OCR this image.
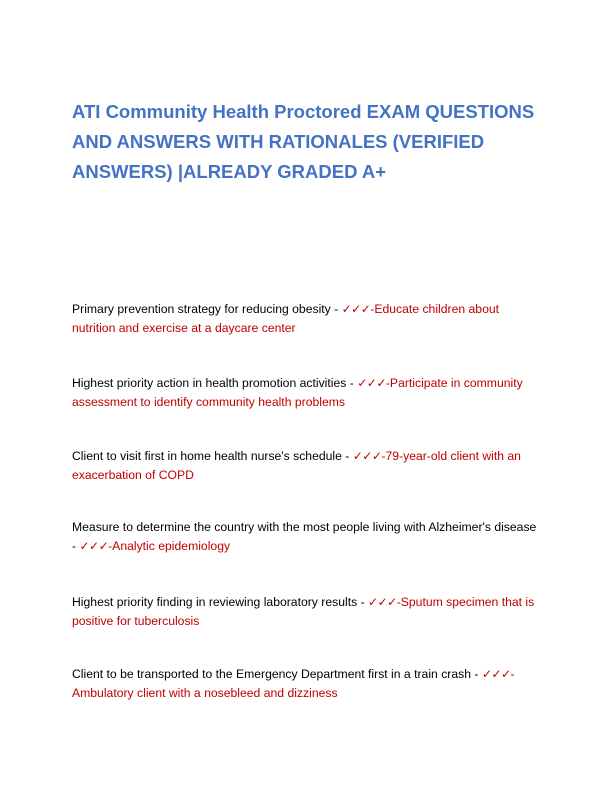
ATI Community Health Proctored EXAM QUESTIONS AND ANSWERS WITH RATIONALES (VERIFIED ANSWERS) |ALREADY GRADED A+

Primary prevention strategy for reducing obesity - ✓✓✓-Educate children about nutrition and exercise at a daycare center

Highest priority action in health promotion activities - ✓✓✓-Participate in community assessment to identify community health problems

Client to visit first in home health nurse's schedule - ✓✓✓-79-year-old client with an exacerbation of COPD

Measure to determine the country with the most people living with Alzheimer's disease - ✓✓✓-Analytic epidemiology

Highest priority finding in reviewing laboratory results - ✓✓✓-Sputum specimen that is positive for tuberculosis

Client to be transported to the Emergency Department first in a train crash - ✓✓✓-Ambulatory client with a nosebleed and dizziness
